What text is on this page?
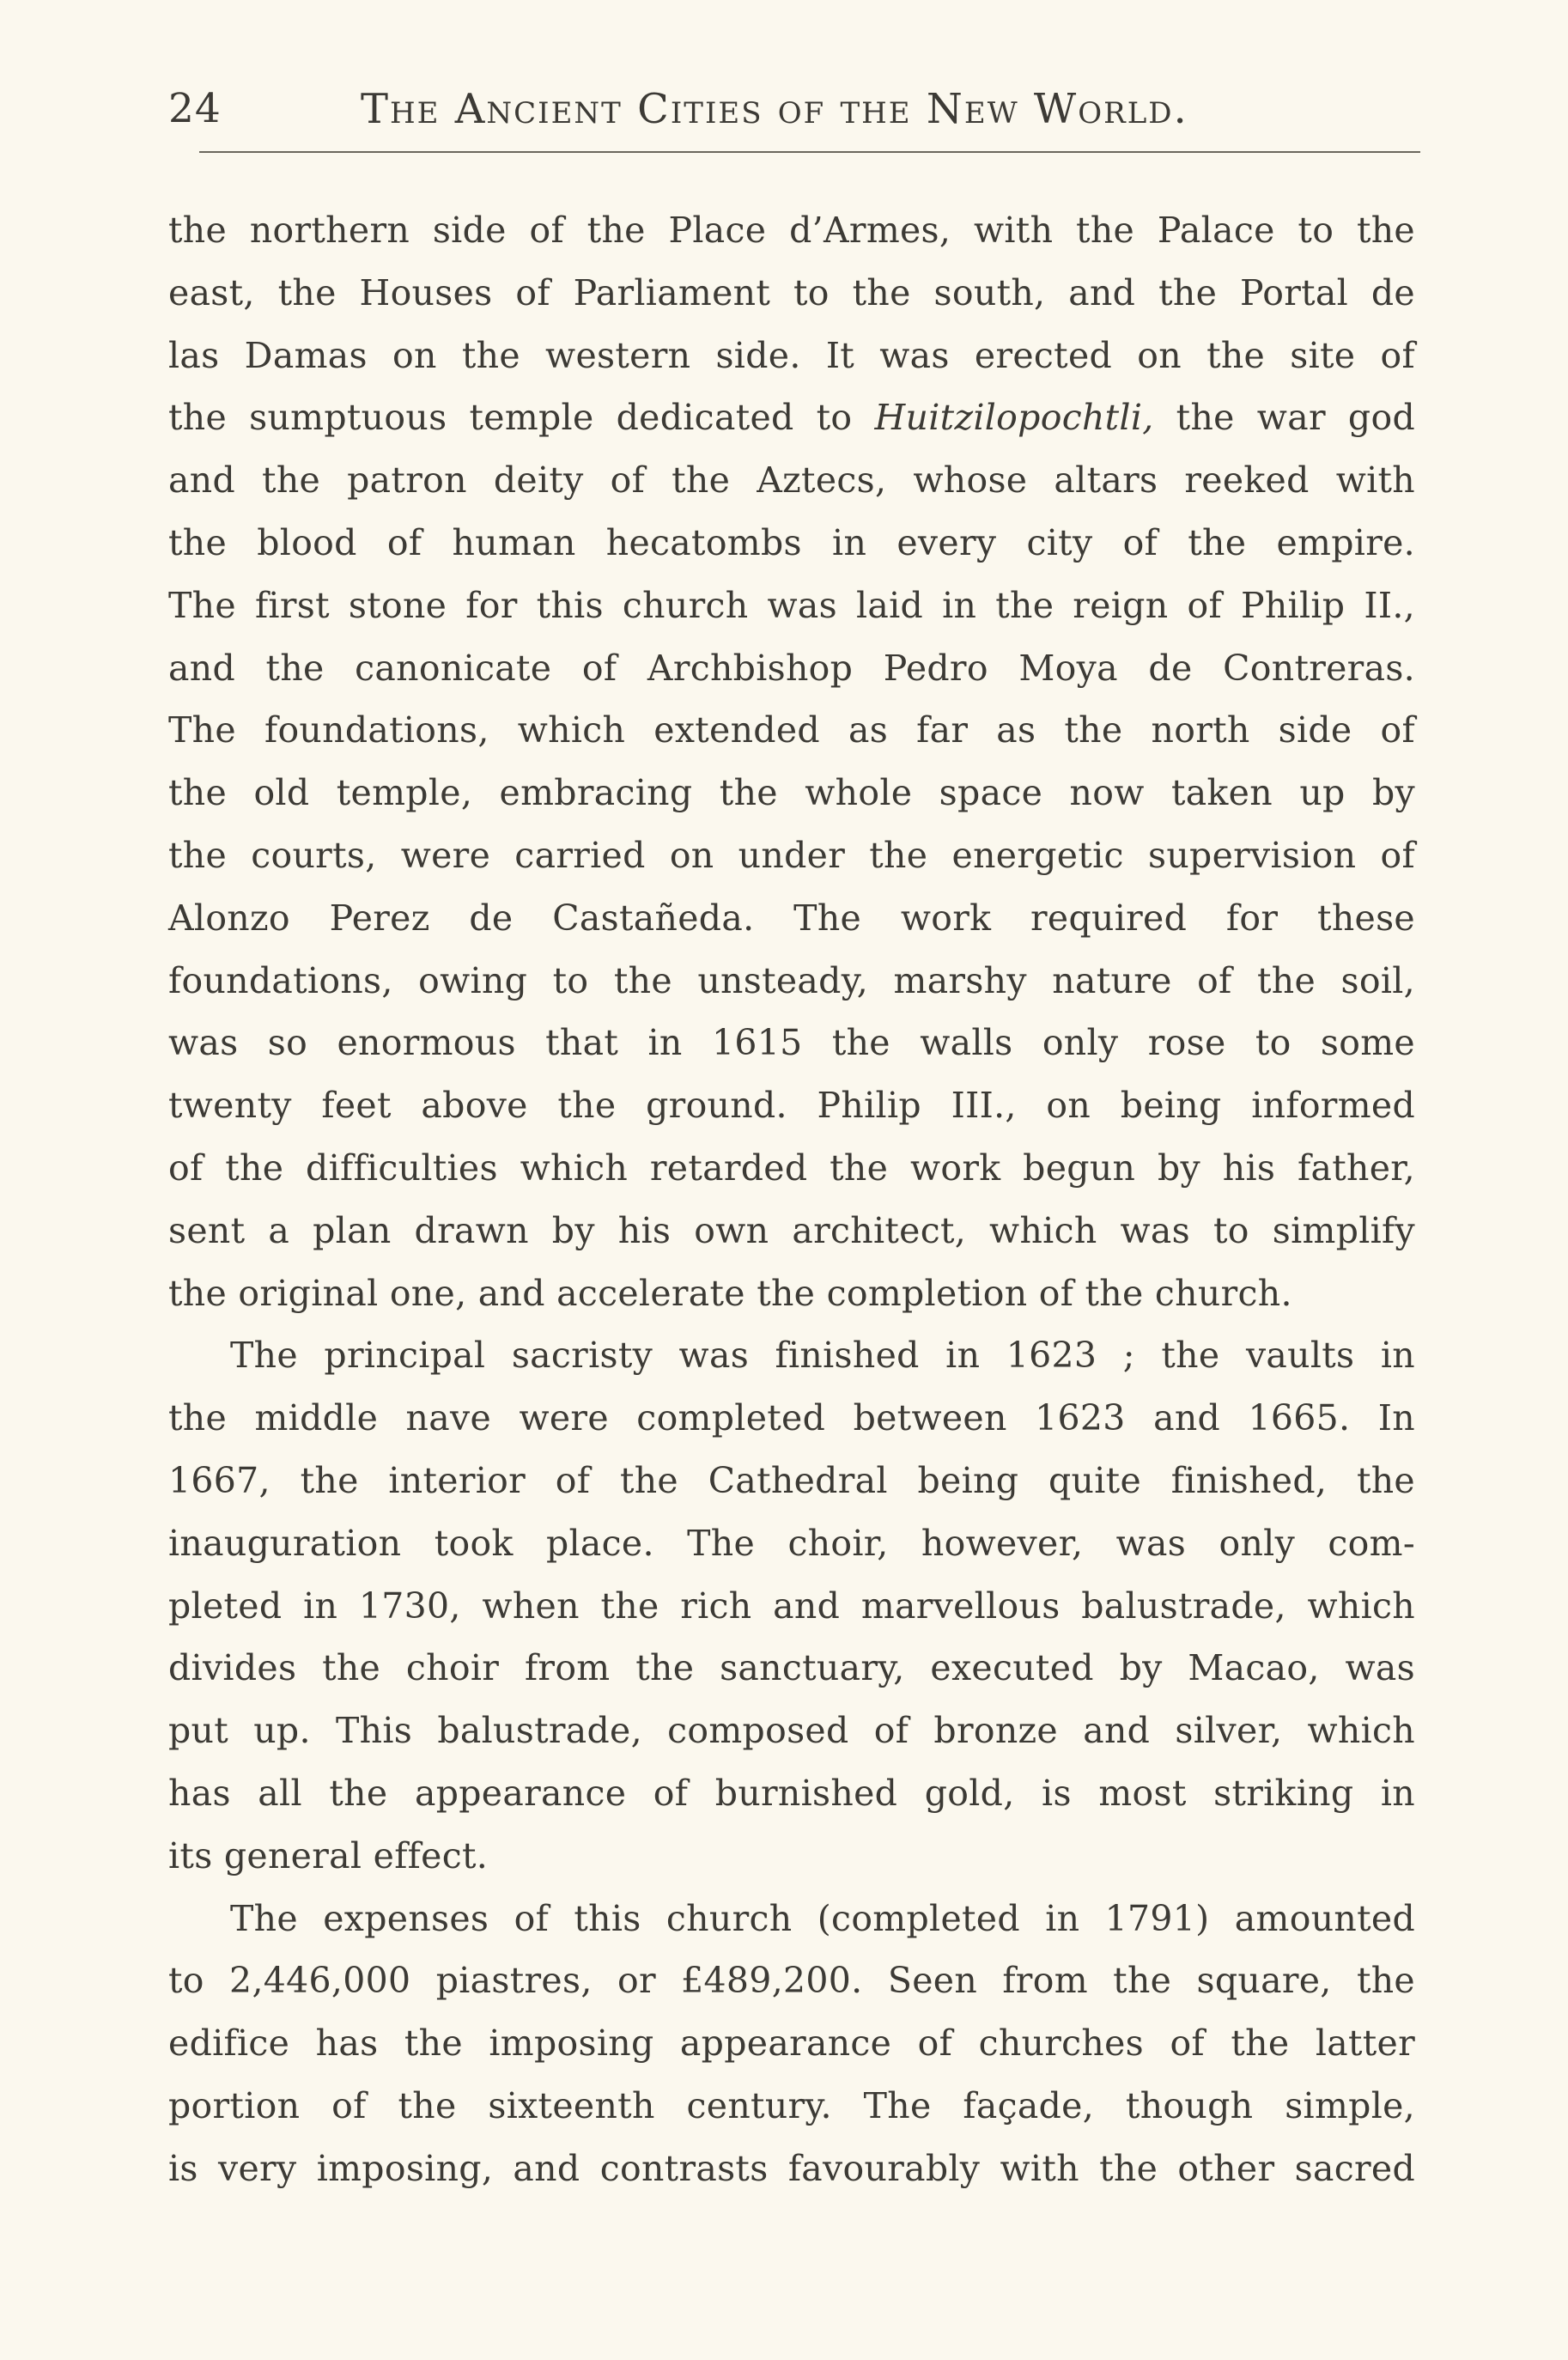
24	The Ancient Cities of the New World.
the northern side of the Place d’Armes, with the Palace to the
east, the Houses of Parliament to the south, and the Portal de
las Damas on the western side. It was erected on the site of
the sumptuous temple dedicated to Huitzilopochtli, the war god
and the patron deity of the Aztecs, whose altars reeked with
the blood of human hecatombs in every city of the empire.
The first stone for this church was laid in the reign of Philip II.,
and the canonicate of Archbishop Pedro Moya de Contreras.
The foundations, which extended as far as the north side of
the old temple, embracing the whole space now taken up by
the courts, were carried on under the energetic supervision of
Alonzo Perez de Castañeda. The work required for these
foundations, owing to the unsteady, marshy nature of the soil,
was so enormous that in 1615 the walls only rose to some
twenty feet above the ground. Philip III., on being informed
of the difficulties which retarded the work begun by his father,
sent a plan drawn by his own architect, which was to simplify
the original one, and accelerate the completion of the church.
The principal sacristy was finished in 1623 ; the vaults in
the middle nave were completed between 1623 and 1665. In
1667, the interior of the Cathedral being quite finished, the
inauguration took place. The choir, however, was only com-
pleted in 1730, when the rich and marvellous balustrade, which
divides the choir from the sanctuary, executed by Macao, was
put up. This balustrade, composed of bronze and silver, which
has all the appearance of burnished gold, is most striking in
its general effect.
The expenses of this church (completed in 1791) amounted
to 2,446,000 piastres, or £489,200. Seen from the square, the
edifice has the imposing appearance of churches of the latter
portion of the sixteenth century. The façade, though simple,
is very imposing, and contrasts favourably with the other sacred
